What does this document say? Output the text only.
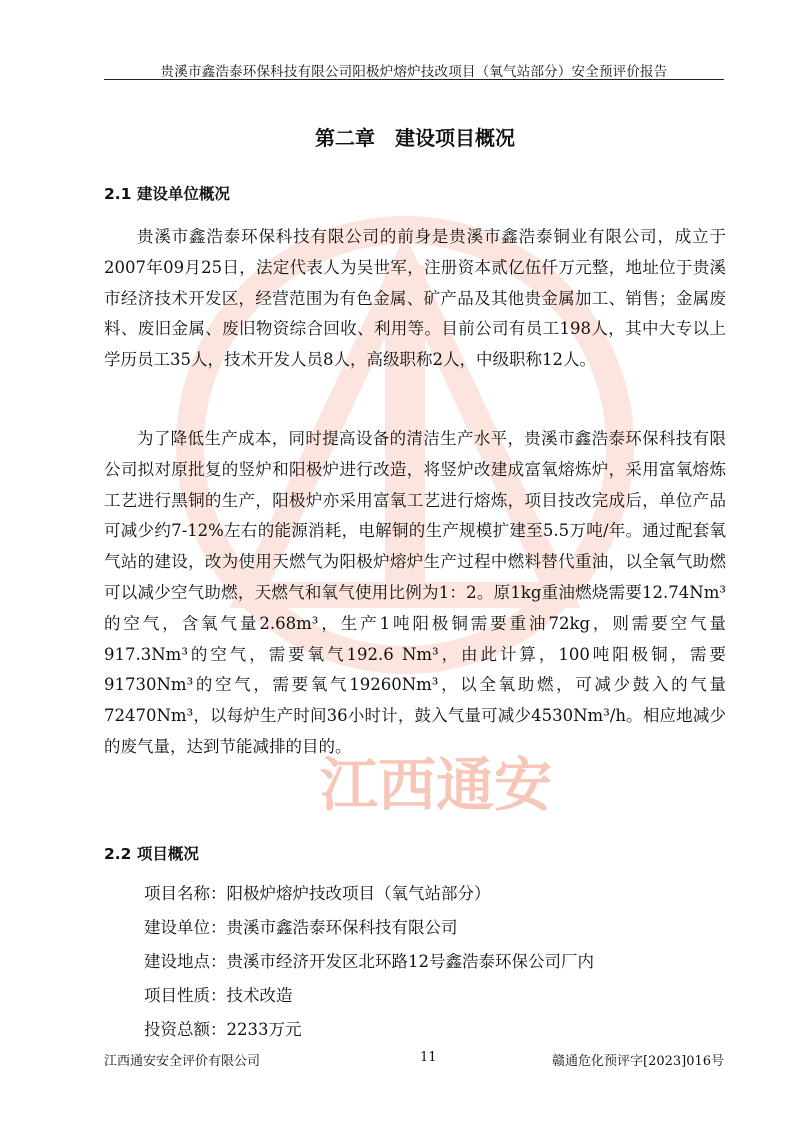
江西通安
贵溪市鑫浩泰环保科技有限公司阳极炉熔炉技改项目（氧气站部分）安全预评价报告
第二章　建设项目概况
2.1 建设单位概况

贵溪市鑫浩泰环保科技有限公司的前身是贵溪市鑫浩泰铜业有限公司，成立于2007年09月25日，法定代表人为吴世军，注册资本贰亿伍仟万元整，地址位于贵溪市经济技术开发区，经营范围为有色金属、矿产品及其他贵金属加工、销售；金属废料、废旧金属、废旧物资综合回收、利用等。目前公司有员工198人，其中大专以上学历员工35人，技术开发人员8人，高级职称2人，中级职称12人。

为了降低生产成本，同时提高设备的清洁生产水平，贵溪市鑫浩泰环保科技有限公司拟对原批复的竖炉和阳极炉进行改造，将竖炉改建成富氧熔炼炉，采用富氧熔炼工艺进行黑铜的生产，阳极炉亦采用富氧工艺进行熔炼，项目技改完成后，单位产品可减少约7-12%左右的能源消耗，电解铜的生产规模扩建至5.5万吨/年。通过配套氧气站的建设，改为使用天燃气为阳极炉熔炉生产过程中燃料替代重油，以全氧气助燃可以减少空气助燃，天燃气和氧气使用比例为1：2。原1kg重油燃烧需要12.74Nm³的空气，含氧气量2.68m³，生产1吨阳极铜需要重油72kg，则需要空气量917.3Nm³的空气，需要氧气192.6 Nm³，由此计算，100吨阳极铜，需要91730Nm³的空气，需要氧气19260Nm³，以全氧助燃，可减少鼓入的气量72470Nm³，以每炉生产时间36小时计，鼓入气量可减少4530Nm³/h。相应地减少的废气量，达到节能减排的目的。

2.2 项目概况
项目名称：阳极炉熔炉技改项目（氧气站部分）
建设单位：贵溪市鑫浩泰环保科技有限公司
建设地点：贵溪市经济开发区北环路12号鑫浩泰环保公司厂内
项目性质：技术改造
投资总额：2233万元
江西通安安全评价有限公司	11	赣通危化预评字[2023]016号
